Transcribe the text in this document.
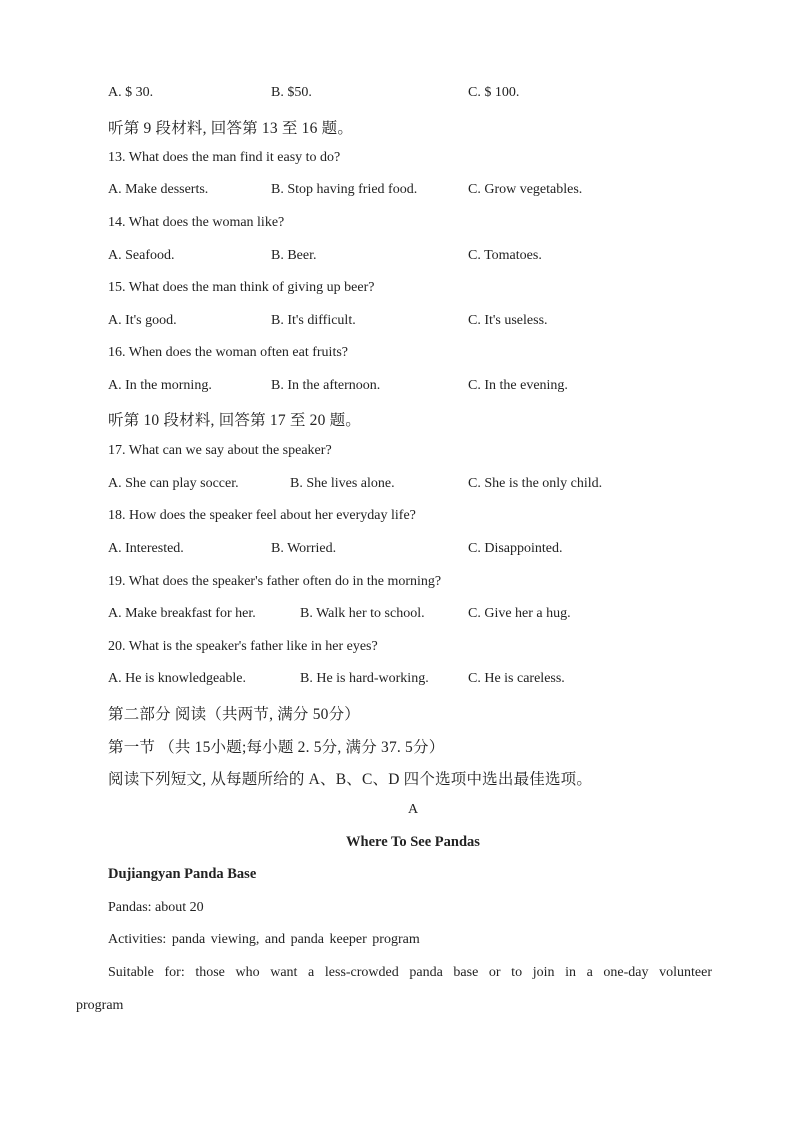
A. $ 30.	B. $50.	C. $ 100.
听第 9 段材料, 回答第 13 至 16 题。
13. What does the man find it easy to do?
A. Make desserts.	B. Stop having fried food.	C. Grow vegetables.
14. What does the woman like?
A. Seafood.	B. Beer.	C. Tomatoes.
15. What does the man think of giving up beer?
A. It's good.	B. It's difficult.	C. It's useless.
16. When does the woman often eat fruits?
A. In the morning.	B. In the afternoon.	C. In the evening.
听第 10 段材料, 回答第 17 至 20 题。
17. What can we say about the speaker?
A. She can play soccer.	B. She lives alone.	C. She is the only child.
18. How does the speaker feel about her everyday life?
A. Interested.	B. Worried.	C. Disappointed.
19. What does the speaker's father often do in the morning?
A. Make breakfast for her.	B. Walk her to school.	C. Give her a hug.
20. What is the speaker's father like in her eyes?
A. He is knowledgeable.	B. He is hard-working.	C. He is careless.
第二部分 阅读（共两节, 满分 50分）
第一节 （共 15小题;每小题 2. 5分, 满分 37. 5分）
阅读下列短文, 从每题所给的 A、B、C、D 四个选项中选出最佳选项。
A
Where To See Pandas
Dujiangyan Panda Base
Pandas: about 20
Activities: panda viewing, and panda keeper program
Suitable for: those who want a less-crowded panda base or to join in a one-day volunteer program
